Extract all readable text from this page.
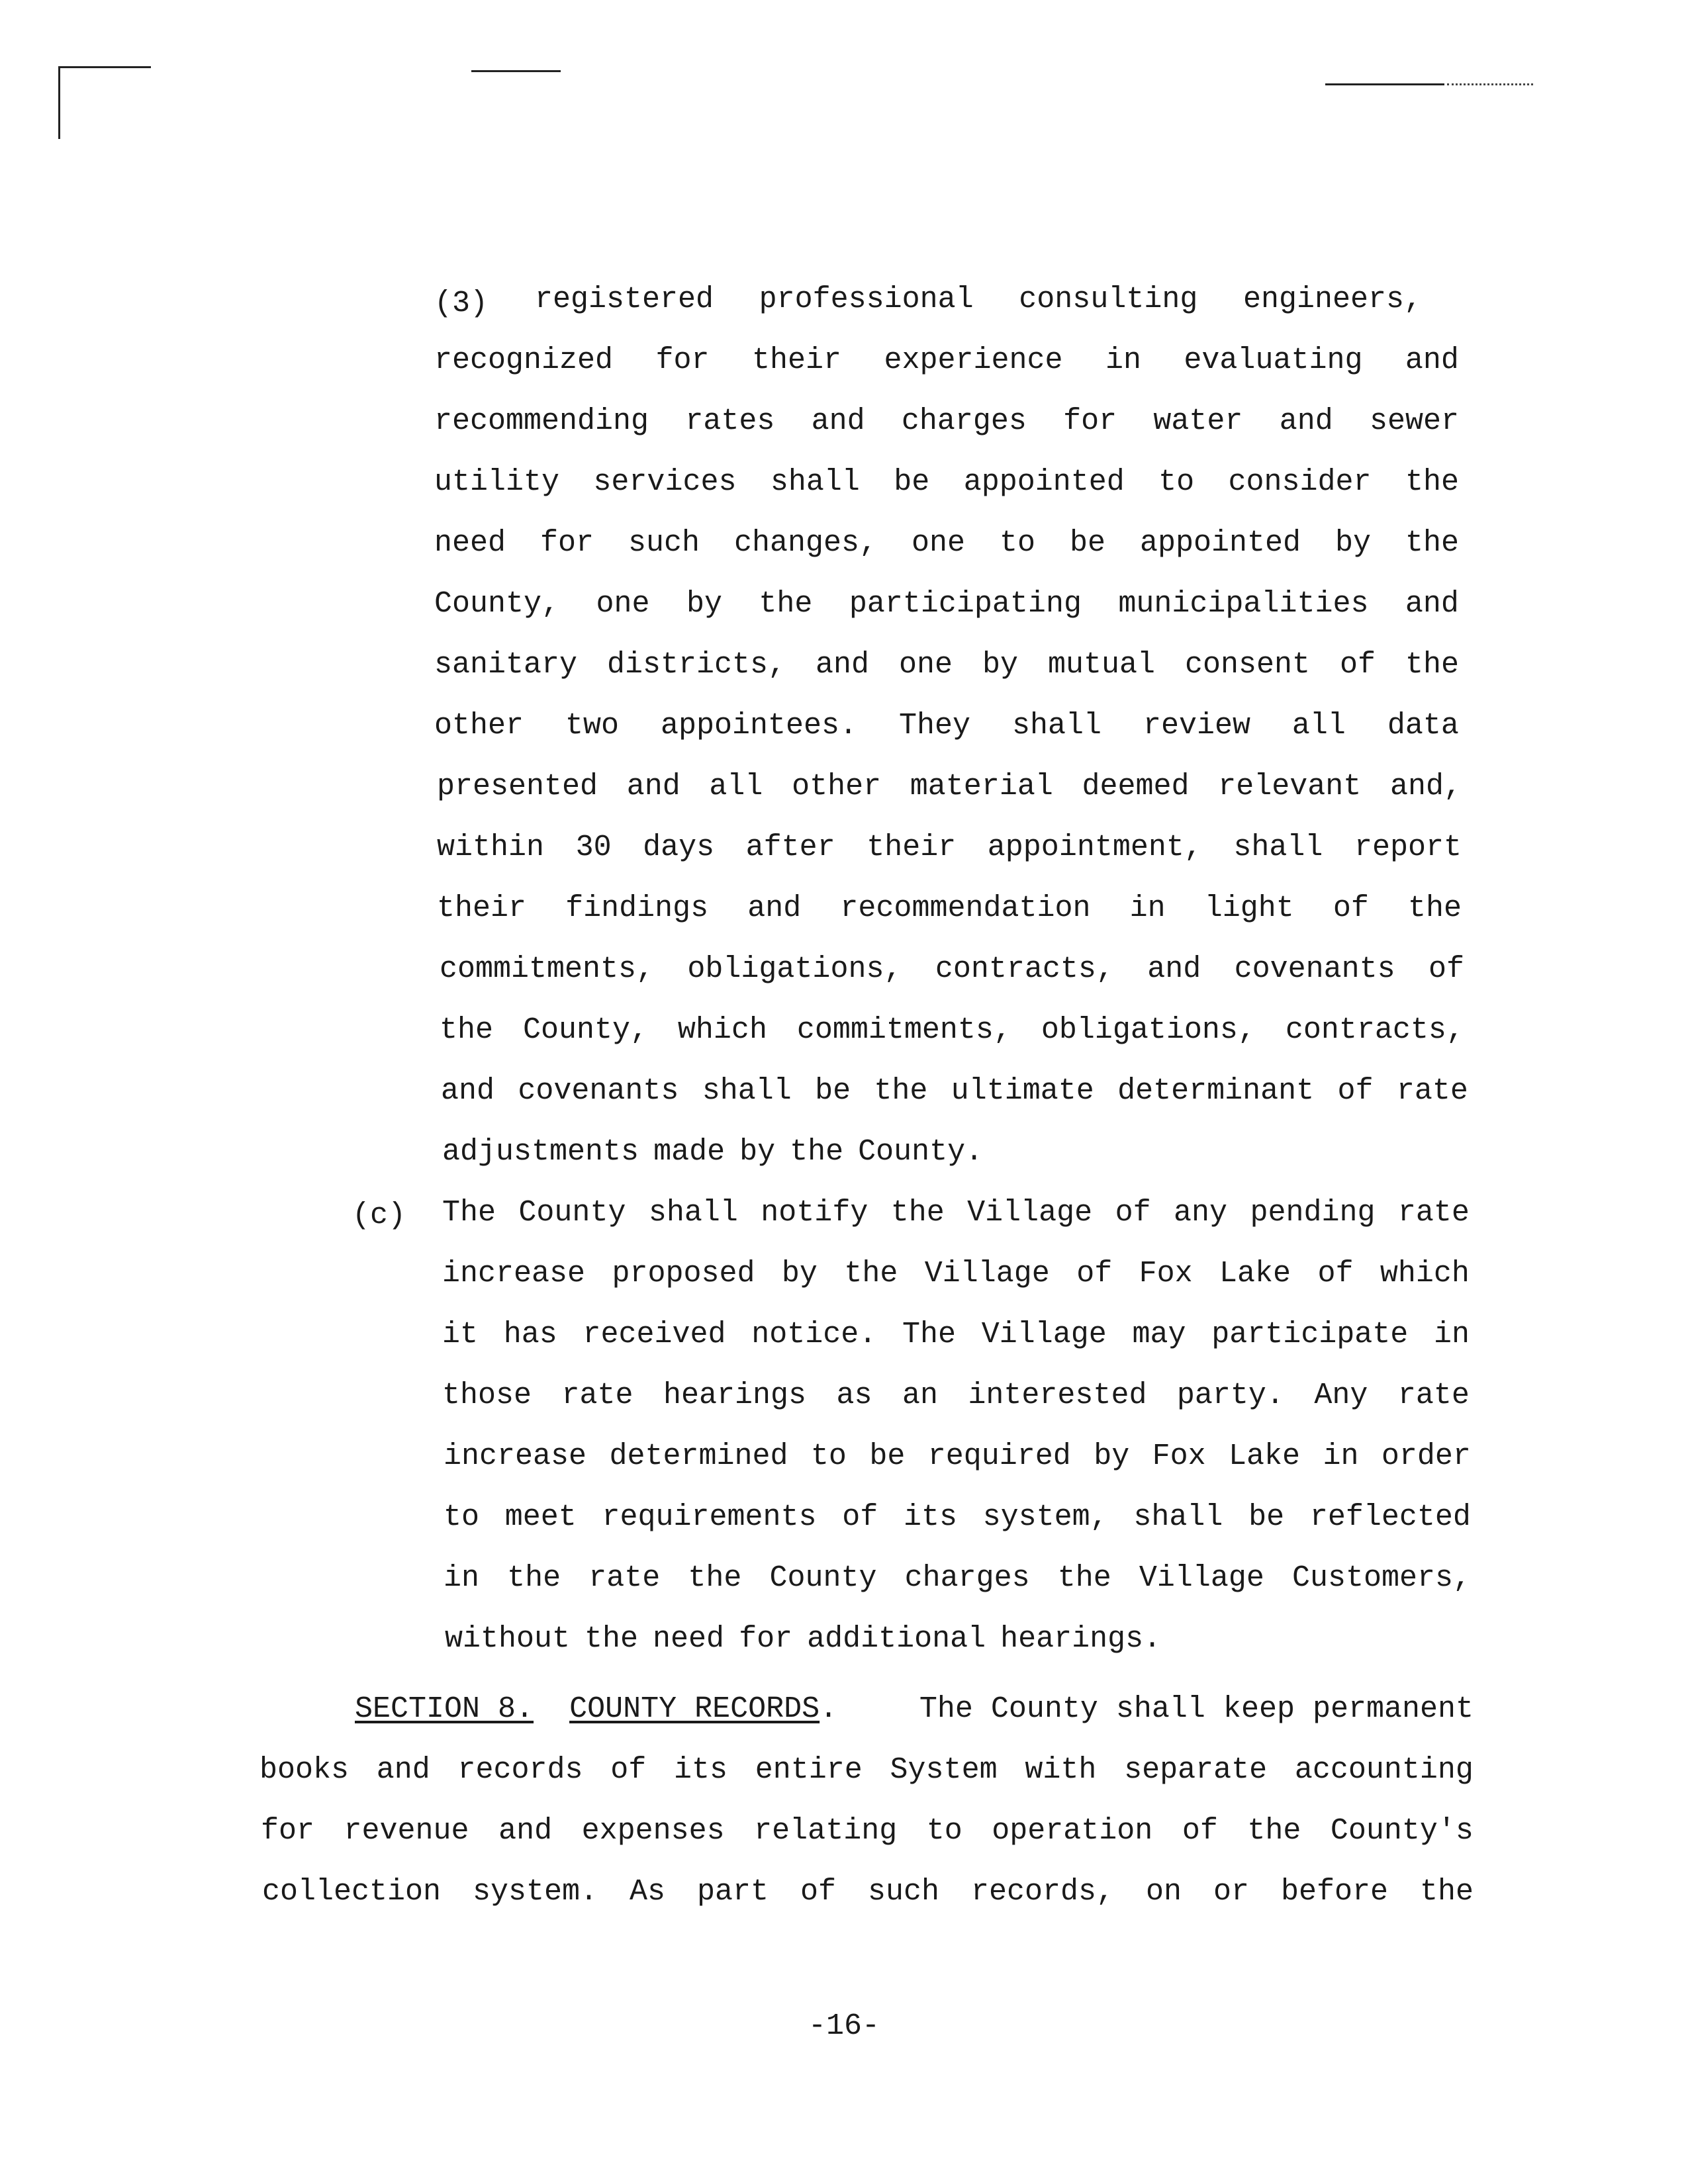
(3) registered professional consulting engineers,
recognized for their experience in evaluating and
recommending rates and charges for water and sewer
utility services shall be appointed to consider the
need for such changes, one to be appointed by the
County, one by the participating municipalities and
sanitary districts, and one by mutual consent of the
other two appointees. They shall review all data
presented and all other material deemed relevant and,
within 30 days after their appointment, shall report
their findings and recommendation in light of the
commitments, obligations, contracts, and covenants of
the County, which commitments, obligations, contracts,
and covenants shall be the ultimate determinant of rate
adjustments made by the County.
(c) The County shall notify the Village of any pending rate
increase proposed by the Village of Fox Lake of which
it has received notice. The Village may participate in
those rate hearings as an interested party. Any rate
increase determined to be required by Fox Lake in order
to meet requirements of its system, shall be reflected
in the rate the County charges the Village Customers,
without the need for additional hearings.
SECTION 8. COUNTY RECORDS.	The County shall keep permanent
books and records of its entire System with separate accounting
for revenue and expenses relating to operation of the County's
collection system. As part of such records, on or before the
-16-
